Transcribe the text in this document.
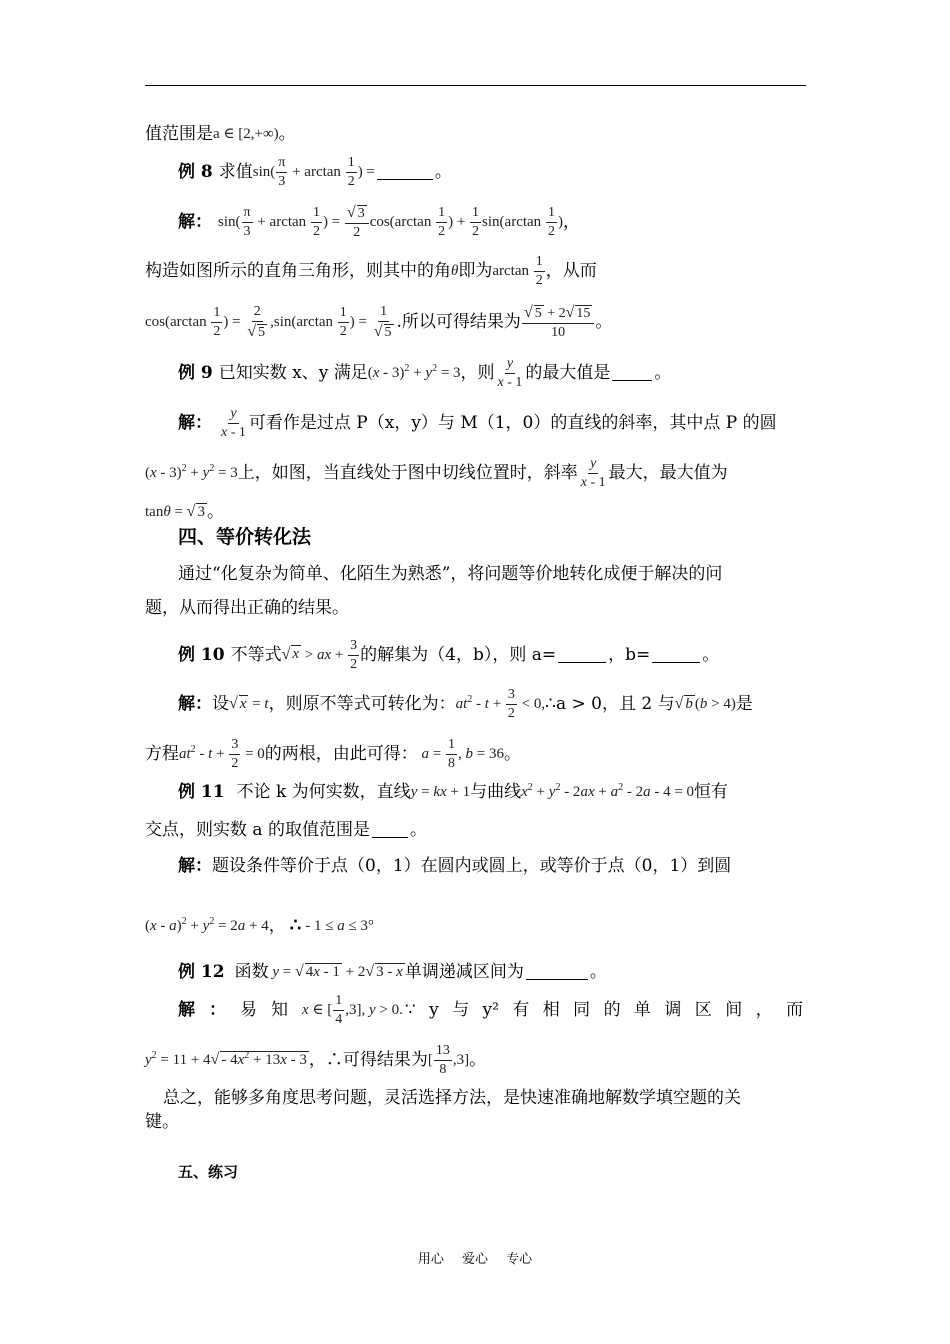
值范围是 a ∈ [2,+∞) 。
例 8 求值 $\sin( \frac{\pi}{3} + \arctan \frac{1}{2}$ ) =	。
解： $\sin( \frac{\pi}{3} + \arctan \frac{1}{2}$ ) = $\frac{√ 3}{2} \cos(\arctan \frac{1}{2}$ ) + $\frac{1}{2} \sin(\arctan \frac{1}{2}$ ) ，
构造如图所示的直角三角形，则其中的角 θ 即为 $\arctan \frac{1}{2}$ ，从而
$\cos(\arctan \frac{1}{2}$ ) = $\frac{2}{√ 5} ,\sin(\arctan \frac{1}{2}$ ) = $\frac{1}{√ 5}$ .所以可得结果为 $\frac{√ 5 + 2√ 15}{10}$ 。
例 9 已知实数 x、y 满足 $(x - 3)^2 + y^2 = 3$ ，则 $\frac{y}{x - 1}$ 的最大值是	。
解： $\frac{y}{x - 1}$ 可看作是过点 P（x，y）与 M（1，0）的直线的斜率，其中点 P 的圆
$(x - 3)^2 + y^2 = 3$ 上，如图，当直线处于图中切线位置时，斜率 $\frac{y}{x - 1}$ 最大，最大值为
tanθ = √ 3 。
四、等价转化法
通过“化复杂为简单、化陌生为熟悉”，将问题等价地转化成便于解决的问
题，从而得出正确的结果。
例 10 不等式 √ x > ax + $\frac{3}{2}$ 的解集为（4，b），则 a=	，b=	。
解： 设 √ x = t ，则原不等式可转化为： $at^2 - t + \frac{3}{2} < 0$, ∴a > 0，且 2 与 √ b (b > 4) 是
方程 $at^2 - t + \frac{3}{2} = 0$ 的两根，由此可得： $a = \frac{1}{8}$ , b = 36 。
例 11 不论 k 为何实数，直线 y = kx + 1 与曲线 $x^2 + y^2 - 2ax + a^2 - 2a - 4 = 0$ 恒有
交点，则实数 a 的取值范围是 。
解： 题设条件等价于点（0，1）在圆内或圆上，或等价于点（0，1）到圆
$(x - a)^2 + y^2 = 2a + 4$ ， ∴ - 1 ≤ a ≤ 3°
例 12 函数 y = √ 4x - 1 + 2√ 3 - x 单调递减区间为	。
解 ： 易 知 x ∈ [ $\frac{1}{4} ,3$], y > 0. ∵ y 与 y² 有 相 同 的 单 调 区 间 ， 而
$y^2 = 11 + 4√ - 4x^2 + 13x - 3$ ，∴可得结果为 [ $\frac{13}{8} ,3$] 。
总之，能够多角度思考问题，灵活选择方法，是快速准确地解数学填空题的关
键。
五、练习
用心 爱心 专心
